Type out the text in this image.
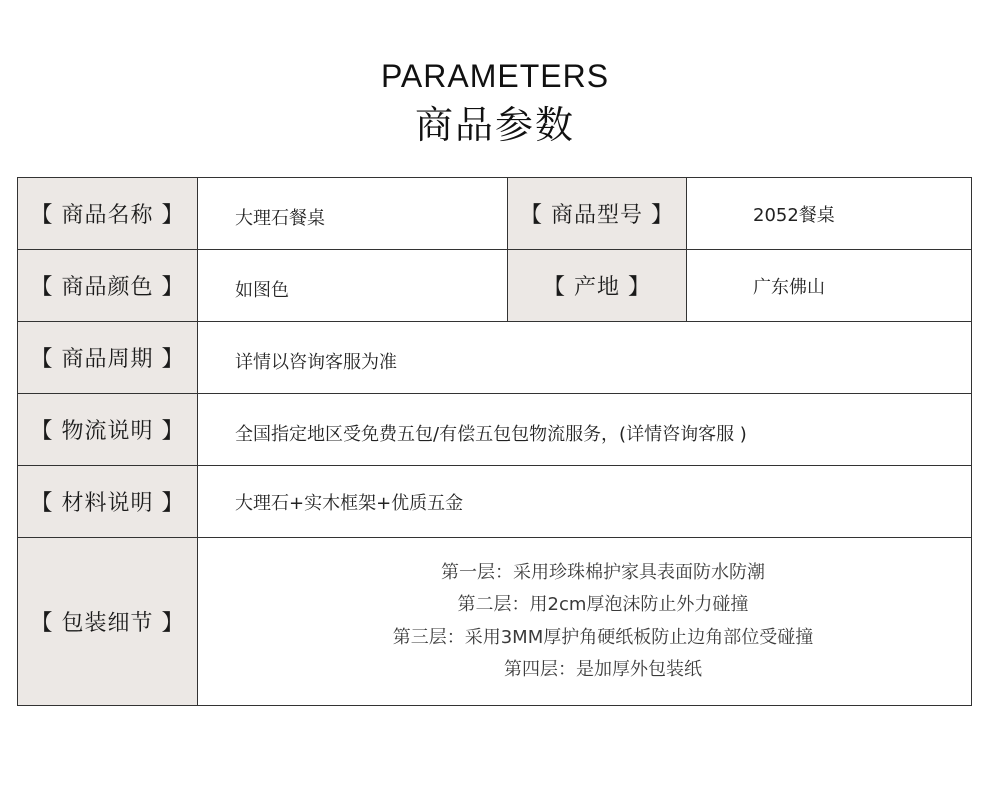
PARAMETERS
商品参数
【 商品名称 】	大理石餐桌	【 商品型号 】	2052餐桌
【 商品颜色 】	如图色	【 产地 】	广东佛山
【 商品周期 】	详情以咨询客服为准
【 物流说明 】	全国指定地区受免费五包/有偿五包包物流服务，(详情咨询客服 )
【 材料说明 】	大理石+实木框架+优质五金
【 包装细节 】
第一层：采用珍珠棉护家具表面防水防潮
第二层：用2cm厚泡沫防止外力碰撞
第三层：采用3MM厚护角硬纸板防止边角部位受碰撞
第四层：是加厚外包装纸
